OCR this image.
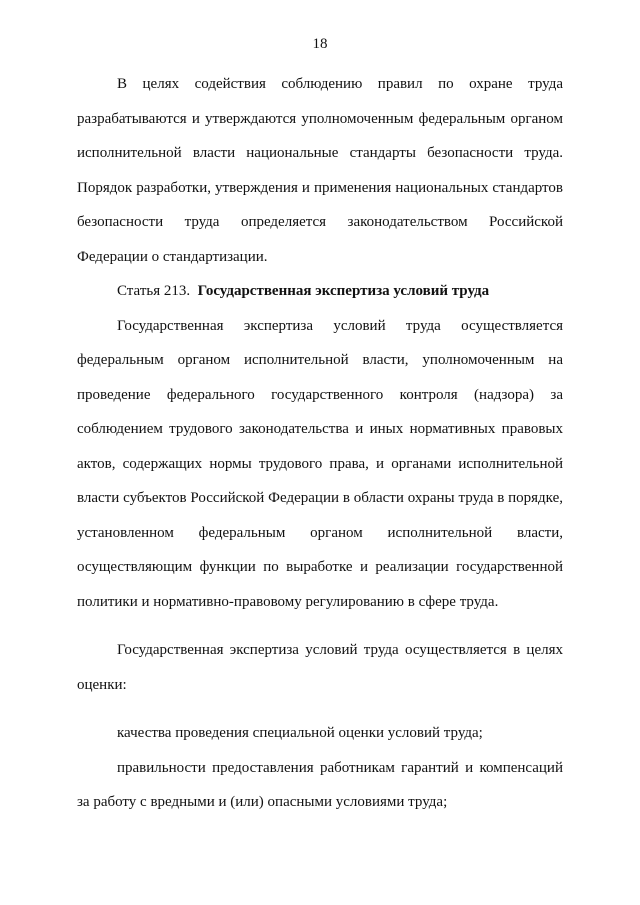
18

В целях содействия соблюдению правил по охране труда разрабатываются и утверждаются уполномоченным федеральным органом исполнительной власти национальные стандарты безопасности труда. Порядок разработки, утверждения и применения национальных стандартов безопасности труда определяется законодательством Российской Федерации о стандартизации.

Статья 213. Государственная экспертиза условий труда

Государственная экспертиза условий труда осуществляется федеральным органом исполнительной власти, уполномоченным на проведение федерального государственного контроля (надзора) за соблюдением трудового законодательства и иных нормативных правовых актов, содержащих нормы трудового права, и органами исполнительной власти субъектов Российской Федерации в области охраны труда в порядке, установленном федеральным органом исполнительной власти, осуществляющим функции по выработке и реализации государственной политики и нормативно-правовому регулированию в сфере труда.

Государственная экспертиза условий труда осуществляется в целях оценки:

качества проведения специальной оценки условий труда;

правильности предоставления работникам гарантий и компенсаций за работу с вредными и (или) опасными условиями труда;
